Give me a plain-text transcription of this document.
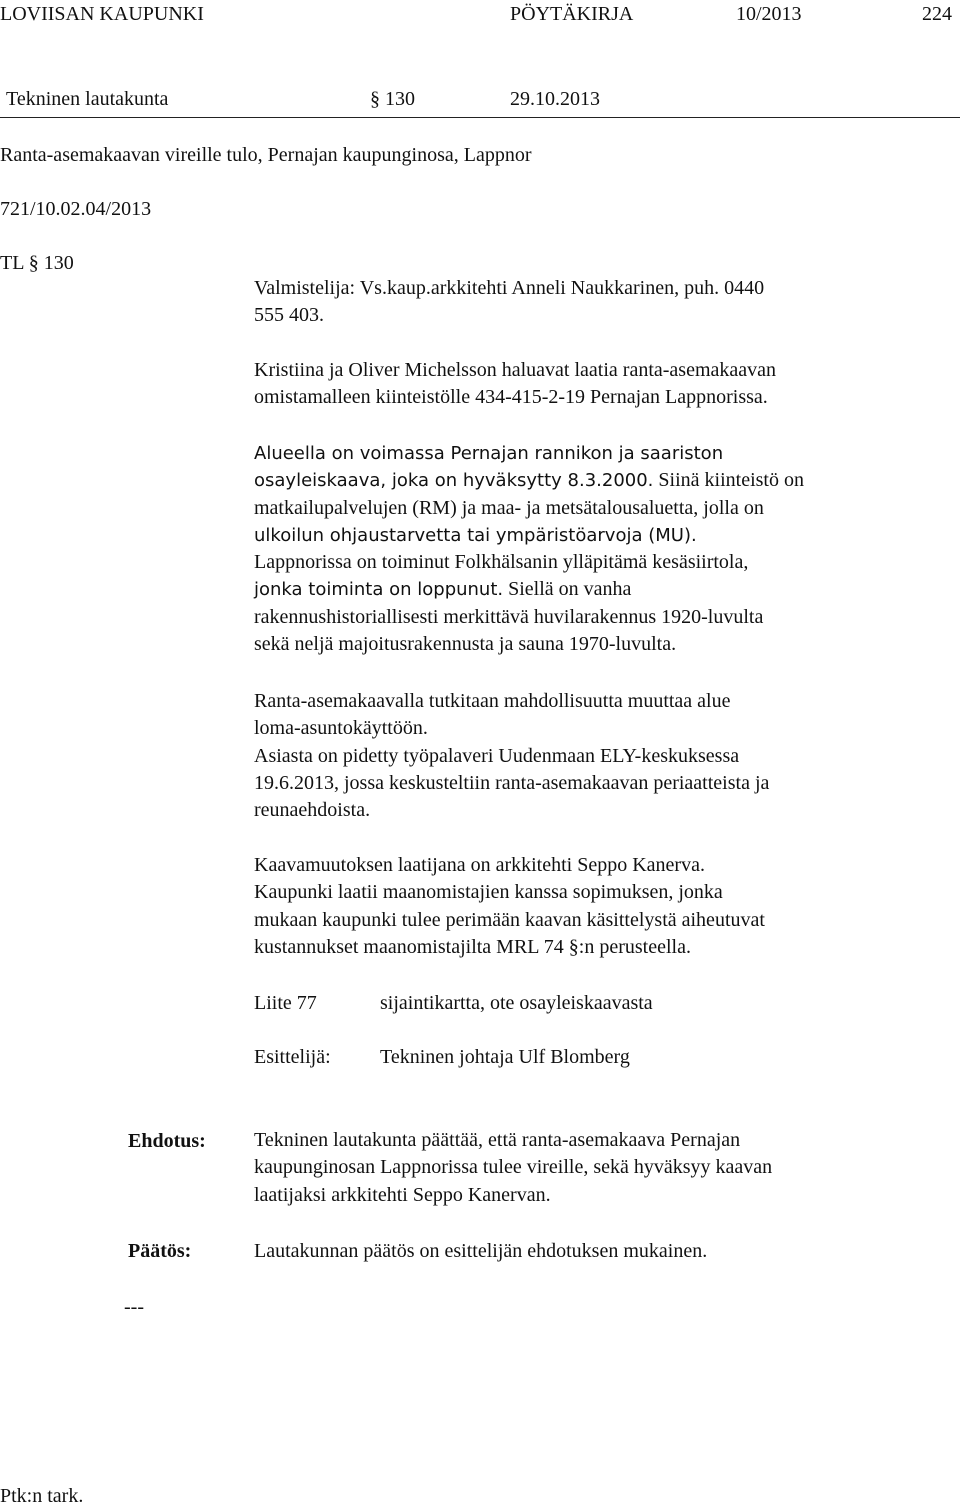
LOVIISAN KAUPUNKI	PÖYTÄKIRJA	10/2013	224
Tekninen lautakunta	§ 130	29.10.2013
Ranta-asemakaavan vireille tulo, Pernajan kaupunginosa, Lappnor
721/10.02.04/2013
TL § 130
Valmistelija: Vs.kaup.arkkitehti Anneli Naukkarinen, puh. 0440
555 403.
Kristiina ja Oliver Michelsson haluavat laatia ranta-asemakaavan
omistamalleen kiinteistölle 434-415-2-19 Pernajan Lappnorissa.
Alueella on voimassa Pernajan rannikon ja saariston
osayleiskaava, joka on hyväksytty 8.3.2000. Siinä kiinteistö on
matkailupalvelujen (RM) ja maa- ja metsätalousaluetta, jolla on
ulkoilun ohjaustarvetta tai ympäristöarvoja (MU).
Lappnorissa on toiminut Folkhälsanin ylläpitämä kesäsiirtola,
jonka toiminta on loppunut. Siellä on vanha
rakennushistoriallisesti merkittävä huvilarakennus 1920-luvulta
sekä neljä majoitusrakennusta ja sauna 1970-luvulta.
Ranta-asemakaavalla tutkitaan mahdollisuutta muuttaa alue
loma-asuntokäyttöön.
Asiasta on pidetty työpalaveri Uudenmaan ELY-keskuksessa
19.6.2013, jossa keskusteltiin ranta-asemakaavan periaatteista ja
reunaehdoista.
Kaavamuutoksen laatijana on arkkitehti Seppo Kanerva.
Kaupunki laatii maanomistajien kanssa sopimuksen, jonka
mukaan kaupunki tulee perimään kaavan käsittelystä aiheutuvat
kustannukset maanomistajilta MRL 74 §:n perusteella.
Liite 77	sijaintikartta, ote osayleiskaavasta
Esittelijä: Tekninen johtaja Ulf Blomberg
Ehdotus: Tekninen lautakunta päättää, että ranta-asemakaava Pernajan
kaupunginosan Lappnorissa tulee vireille, sekä hyväksyy kaavan
laatijaksi arkkitehti Seppo Kanervan.
Päätös:	Lautakunnan päätös on esittelijän ehdotuksen mukainen.
---
Ptk:n tark.
